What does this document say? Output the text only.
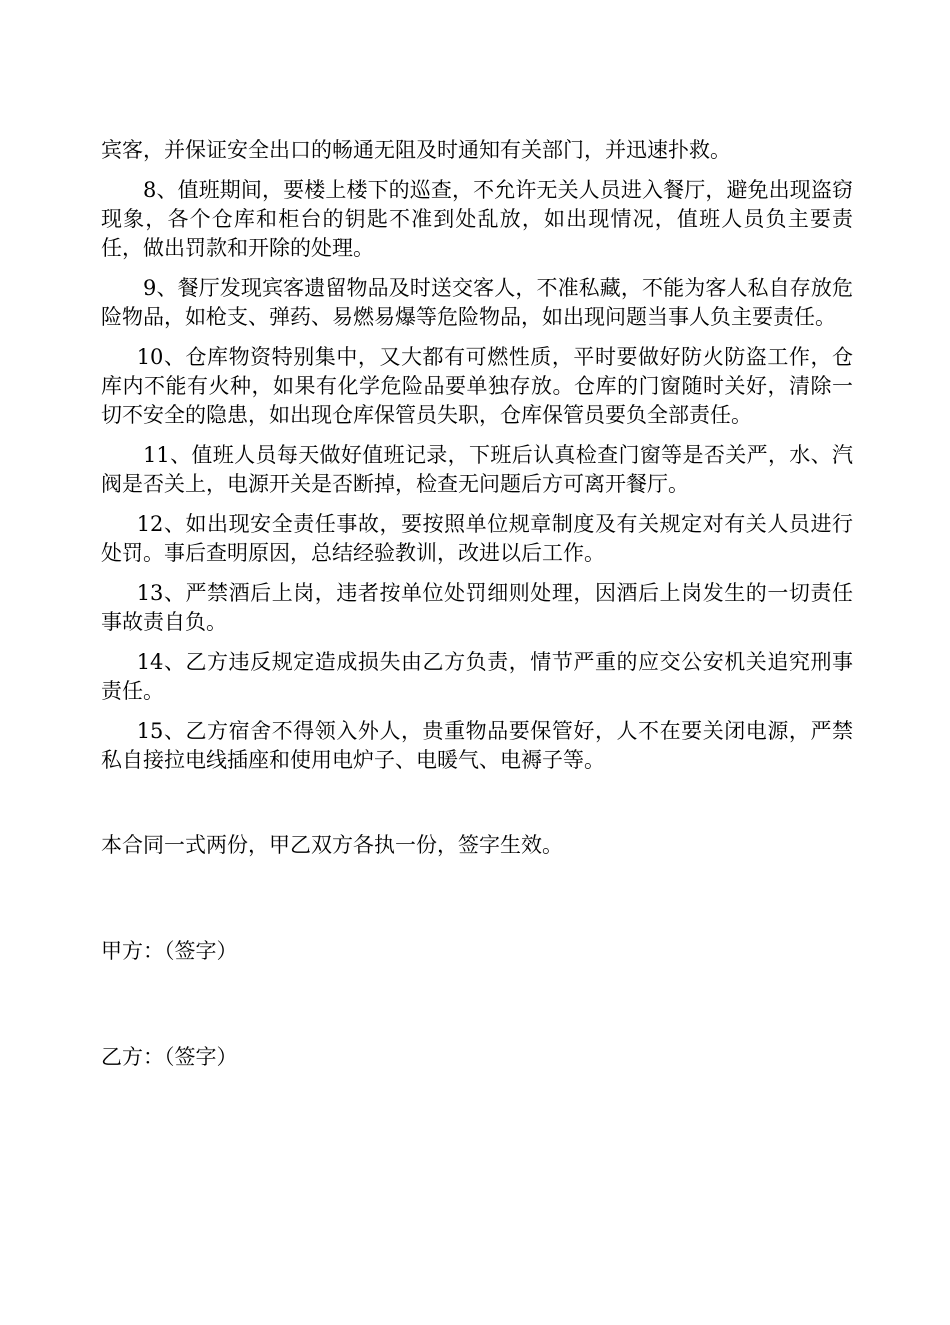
宾客，并保证安全出口的畅通无阻及时通知有关部门，并迅速扑救。

8、值班期间，要楼上楼下的巡查，不允许无关人员进入餐厅，避免出现盗窃现象，各个仓库和柜台的钥匙不准到处乱放，如出现情况，值班人员负主要责任，做出罚款和开除的处理。

9、餐厅发现宾客遗留物品及时送交客人，不准私藏，不能为客人私自存放危险物品，如枪支、弹药、易燃易爆等危险物品，如出现问题当事人负主要责任。

10、仓库物资特别集中，又大都有可燃性质，平时要做好防火防盗工作，仓库内不能有火种，如果有化学危险品要单独存放。仓库的门窗随时关好，清除一切不安全的隐患，如出现仓库保管员失职，仓库保管员要负全部责任。

11、值班人员每天做好值班记录，下班后认真检查门窗等是否关严，水、汽阀是否关上，电源开关是否断掉，检查无问题后方可离开餐厅。

12、如出现安全责任事故，要按照单位规章制度及有关规定对有关人员进行处罚。事后查明原因，总结经验教训，改进以后工作。

13、严禁酒后上岗，违者按单位处罚细则处理，因酒后上岗发生的一切责任事故责自负。

14、乙方违反规定造成损失由乙方负责，情节严重的应交公安机关追究刑事责任。

15、乙方宿舍不得领入外人，贵重物品要保管好，人不在要关闭电源，严禁私自接拉电线插座和使用电炉子、电暖气、电褥子等。

本合同一式两份，甲乙双方各执一份，签字生效。

甲方：（签字）

乙方：（签字）
